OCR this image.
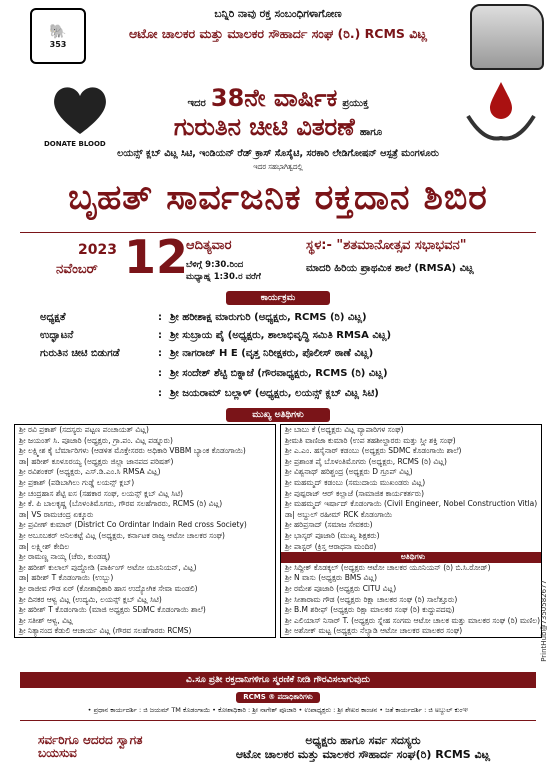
🐘
353
ಬನ್ನಿರಿ ನಾವು ರಕ್ತ ಸಂಬಂಧಿಗಳಾಗೋಣ
ಆಟೋ ಚಾಲಕರ ಮತ್ತು ಮಾಲಕರ ಸೌಹಾರ್ದ ಸಂಘ (ರಿ.) RCMS ವಿಟ್ಲ
DONATE BLOOD
ಇದರ 38ನೇ ವಾರ್ಷಿಕ ಪ್ರಯುಕ್ತ
ಗುರುತಿನ ಚೀಟಿ ವಿತರಣೆ ಹಾಗೂ
ಲಯನ್ಸ್ ಕ್ಲಬ್ ವಿಟ್ಲ ಸಿಟಿ, ಇಂಡಿಯನ್ ರೆಡ್ ಕ್ರಾಸ್ ಸೊಸೈಟಿ, ಸರಕಾರಿ ಲೇಡಿಗೋಷನ್ ಆಸ್ಪತ್ರೆ ಮಂಗಳೂರು
ಇದರ ಸಹಭಾಗಿತ್ವದಲ್ಲಿ
ಬೃಹತ್ ಸಾರ್ವಜನಿಕ ರಕ್ತದಾನ ಶಿಬಿರ
2023
ನವೆಂಬರ್ 12
ಆದಿತ್ಯವಾರ
ಬೆಳಿಗ್ಗೆ 9:30.ರಿಂದ
ಮಧ್ಯಾಹ್ನ 1:30.ರ ವರೆಗೆ
ಸ್ಥಳ:- "ಶತಮಾನೋತ್ಸವ ಸಭಾಭವನ"
ಮಾದರಿ ಹಿರಿಯ ಪ್ರಾಥಮಿಕ ಶಾಲೆ (RMSA) ವಿಟ್ಲ
ಕಾರ್ಯಕ್ರಮ
ಅಧ್ಯಕ್ಷತೆ	: ಶ್ರೀ ಹರೀಶಾಕ್ಷ ಮಾರುಗುರಿ (ಅಧ್ಯಕ್ಷರು, RCMS (ರಿ) ವಿಟ್ಲ)
ಉದ್ಘಾಟನೆ	: ಶ್ರೀ ಸುಬ್ರಾಯ ಪೈ (ಅಧ್ಯಕ್ಷರು, ಶಾಲಾಭಿವೃದ್ಧಿ ಸಮಿತಿ RMSA ವಿಟ್ಲ)
ಗುರುತಿನ ಚೀಟಿ ಬಿಡುಗಡೆ	: ಶ್ರೀ ನಾಗರಾಜ್ H E (ವೃತ್ತ ನಿರೀಕ್ಷಕರು, ಪೊಲೀಸ್ ಠಾಣೆ ವಿಟ್ಲ)
: ಶ್ರೀ ಸಂದೇಶ್ ಶೆಟ್ಟಿ ಬಿಕ್ನಾಜೆ (ಗೌರವಾಧ್ಯಕ್ಷರು, RCMS (ರಿ) ವಿಟ್ಲ)
: ಶ್ರೀ ಜಯರಾಮ್ ಬಲ್ಲಾಳ್ (ಅಧ್ಯಕ್ಷರು, ಲಯನ್ಸ್ ಕ್ಲಬ್ ವಿಟ್ಲ ಸಿಟಿ)
ಮುಖ್ಯ ಅತಿಥಿಗಳು
ಶ್ರೀ ರವಿ ಪ್ರಕಾಶ್ (ಸದಸ್ಯರು ಪಟ್ಟಣ ಪಂಚಾಯತ್ ವಿಟ್ಲ)
ಶ್ರೀ ಜಯಂತ್ ಸಿ. ಪೂಜಾರಿ (ಅಧ್ಯಕ್ಷರು, ಗ್ರಾ.ಪಂ. ವಿಟ್ಲ ಪಡ್ನೂರು)
ಶ್ರೀ ಲಕ್ಷ್ಮೀಶ ಕೈ ಬೆರ್ಮಾರಿಗಳು (ಆಡಳಿತ ಮೊಕ್ತೇಸರರು ಅಧಿಕಾರಿ VBBM ಬ್ಯಾಂಕ ಕೊಡಂಗಾಯಿ)
ಡಾ| ಹರೀಶ್ ಕೂಳೂರಯ್ಯ (ಅಧ್ಯಕ್ಷರು ಜಿಲ್ಲಾ ಜಾನಪದ ಪರಿಷತ್)
ಶ್ರೀ ರವಿಶಂಕರ್ (ಅಧ್ಯಕ್ಷರು, ಎಸ್.ಡಿ.ಎಂ.ಸಿ RMSA ವಿಟ್ಲ)
ಶ್ರೀ ಪ್ರಕಾಶ್ (ಪಡಿಬಾಗಿಲು ಗುಡ್ಡೆ ಲಯನ್ಸ್ ಕ್ಲಬ್)
ಶ್ರೀ ಚಂದ್ರಹಾಸ ಶೆಟ್ಟಿ ಐಸ (ಸಹಕಾರ ಸಂಘ, ಲಯನ್ಸ್ ಕ್ಲಬ್ ವಿಟ್ಲ ಸಿಟಿ)
ಶ್ರೀ ಕೆ. ಪಿ ಬಾಲಕೃಷ್ಣ (ಬೊಳಂತಿಮೊಗರು, ಗೌರವ ಸಲಹೆಗಾರರು, RCMS (ರಿ) ವಿಟ್ಲ)
ಡಾ| VS ರಾಮಚಂದ್ರ ಏಕ್ಕೂರು
ಶ್ರೀ ಪ್ರವೀಣ್ ಕುಮಾರ್ (District Co Ordintar Indain Red cross Society)
ಶ್ರೀ ಅಬೂಬಕರ್ ಅನಿಲಕಟ್ಟೆ ವಿಟ್ಲ (ಅಧ್ಯಕ್ಷರು, ಕರ್ನಾಟಕ ರಾಜ್ಯ ಆಟೋ ಚಾಲಕರ ಸಂಘ)
ಡಾ| ಲಕ್ಷ್ಮೀಶ್ ಕೇದಿಲ
ಶ್ರೀ ರಾಮಣ್ಣ ನಾಯ್ಕ (ಚೆರು, ಕುಂಡಡ್ಕ)
ಶ್ರೀ ಹರೀಶ್ ಕುಲಾಲ್ ಪುದ್ದೋಡಿ (ಪಾರ್ಕಿಂಗ್ ಅಟೋ ಯೂನಿಯನ್, ವಿಟ್ಲ)
ಡಾ| ಹರೀಶ್ T ಕೊಡಂಗಾಯಿ (ಉಬ್ಬು)
ಶ್ರೀ ರಾಜೀವ ಗೌಡ ಏರ್ (ಕೋಶಾಧಿಕಾರಿ ಹಾಸ ಉದ್ಯೋಗಿಕ ಸೇವಾ ಮಂಡಲಿ)
ಶ್ರೀ ದಿನಕರ ಆಳ್ವ ವಿಟ್ಲ (ಉದ್ಯಮಿ, ಲಯನ್ಸ್ ಕ್ಲಬ್ ವಿಟ್ಲ ಸಿಟಿ)
ಶ್ರೀ ಹರೀಶ್ T ಕೊಡಂಗಾಯಿ (ಮಾಜಿ ಅಧ್ಯಕ್ಷರು SDMC ಕೊಡಂಗಾಯಿ ಶಾಲೆ)
ಶ್ರೀ ಸತೀಶ್ ಆಳ್ವ, ವಿಟ್ಲ
ಶ್ರೀ ನಿತ್ಯಾನಂದ ಕೆಡುಲಿ ಆಚಾರ್ಯ ವಿಟ್ಲ (ಗೌರವ ಸಲಹೆಗಾರರು RCMS)
ಶ್ರೀ ಬಾಬು ಕೆ (ಅಧ್ಯಕ್ಷರು ವಿಟ್ಲ ವ್ಯಾಪಾರಿಗಳ ಸಂಘ)
ಶ್ರೀಮತಿ ವಾಣಿಜಾ ಕುಮಾರಿ (ಉಪ ತಹಶೀಲ್ದಾರರು ಮತ್ತು ಸ್ತ್ರೀ ಶಕ್ತಿ ಸಂಘ)
ಶ್ರೀ ಎ.ಎಂ. ಹಸೈನಾರ್ ಕಡಂಬು (ಅಧ್ಯಕ್ಷರು SDMC ಕೊಡಂಗಾಯಿ ಶಾಲೆ)
ಶ್ರೀ ಪ್ರಶಾಂತ ಪೈ ಬೊಳಂತಿಮೊಗರು (ಅಧ್ಯಕ್ಷರು, RCMS (ರಿ) ವಿಟ್ಲ)
ಶ್ರೀ ವಿಶ್ವನಾಥ್ ಹರಿಶ್ಚಂದ್ರ (ಅಧ್ಯಕ್ಷರು D ಗ್ರೂಪ್ ವಿಟ್ಲ)
ಶ್ರೀ ಮಹಮ್ಮದ್ ಕಡಂಬು (ಸಮುದಾಯ ಮುಖಂಡರು ವಿಟ್ಲ)
ಶ್ರೀ ಪುಷ್ಪರಾಜ್ ಆರ್ ಕಲ್ಲಾಜೆ (ಸಾಮಾಜಿಕ ಕಾರ್ಯಕರ್ತರು)
ಶ್ರೀ ಮಹಮ್ಮದ್ ಇರ್ಷಾದ್ ಕೊಡಂಗಾಯಿ (Civil Engineer, Nobel Construction Vitla)
ಡಾ| ಅಬ್ದುಲ್ ರಹೀಮ್ RCK ಕೊಡಂಗಾಯಿ
ಶ್ರೀ ಹರಿಪ್ರಸಾದ್ (ಸಮಾಜ ಸೇವಕರು)
ಶ್ರೀ ಭಾಸ್ಕರ್ ಪೂಜಾರಿ (ಮುಖ್ಯ ಶಿಕ್ಷಕರು)
ಶ್ರೀ ಪಾಸ್ಟರ್ (ಕ್ರಿಸ್ತ ಆರಾಧನಾ ಮಂದಿರ)
ಅತಿಥಿಗಳು
ಶ್ರೀ ಸಿದ್ದೀಕ್ ಕೊಡಕ್ಕಲ್ (ಅಧ್ಯಕ್ಷರು ಆಟೋ ಚಾಲಕರ ಯೂನಿಯನ್ (ರಿ) ಬಿ.ಸಿ.ರೋಡ್)
ಶ್ರೀ N ವಾಸು (ಅಧ್ಯಕ್ಷರು BMS ವಿಟ್ಲ)
ಶ್ರೀ ರಮೇಶ ಪೂಜಾರಿ (ಅಧ್ಯಕ್ಷರು CITU ವಿಟ್ಲ)
ಶ್ರೀ ಸೀತಾರಾಮ ಗೌಡ (ಅಧ್ಯಕ್ಷರು ರಿಕ್ಷಾ ಚಾಲಕರ ಸಂಘ (ರಿ) ಸಾಲೆತ್ತೂರು)
ಶ್ರೀ B.M ಶರೀಫ್ (ಅಧ್ಯಕ್ಷರು ರಿಕ್ಷಾ ಮಾಲಕರ ಸಂಘ (ರಿ) ಕುದ್ದುಪದವು)
ಶ್ರೀ ಎಲಿಯಾಸ್ ನಿಸಾರ್ T. (ಅಧ್ಯಕ್ಷರು ಸ್ನೇಹ ಸಂಗಮ ಆಟೋ ಚಾಲಕ ಮತ್ತು ಮಾಲಕರ ಸಂಘ (ರಿ) ಮಣಿಲ)
ಶ್ರೀ ಅಶೋಕ್ ಮಟ್ಟ (ಅಧ್ಯಕ್ಷರು ನೆಲ್ಯಾಡಿ ಆಟೋ ಚಾಲಕರ ಮಾಲಕರ ಸಂಘ)
ವಿ.ಸೂ ಪ್ರತೀ ರಕ್ತದಾನಿಗಳಿಗೂ ಸ್ಮರಣಿಕೆ ನೀಡಿ ಗೌರವಿಸಲಾಗುವುದು
RCMS ® ಪದಾಧಿಕಾರಿಗಳು
• ಪ್ರಧಾನ ಕಾರ್ಯದರ್ಶಿ : ಜಿ ಜಯಮ್ TM ಕೊಡಂಗಾಯಿ • ಕೋಶಾಧಿಕಾರಿ : ಶ್ರೀ ನಾಗೇಶ್ ಪೂಜಾರಿ • ಉಪಾಧ್ಯಕ್ಷರು : ಶ್ರೀ ಶೇಖರ ಕಾಂಚನ • ಜತೆ ಕಾರ್ಯದರ್ಶಿ : ಜಿ ಅಬ್ದುಲ್ ಕುಂಞ
ಸರ್ವರಿಗೂ ಆದರದ ಸ್ವಾಗತ ಬಯಸುವ
ಅಧ್ಯಕ್ಷರು ಹಾಗೂ ಸರ್ವ ಸದಸ್ಯರು
ಆಟೋ ಚಾಲಕರ ಮತ್ತು ಮಾಲಕರ ಸೌಹಾರ್ದ ಸಂಘ(ರಿ) RCMS ವಿಟ್ಲ
PrintHub@7350582677
